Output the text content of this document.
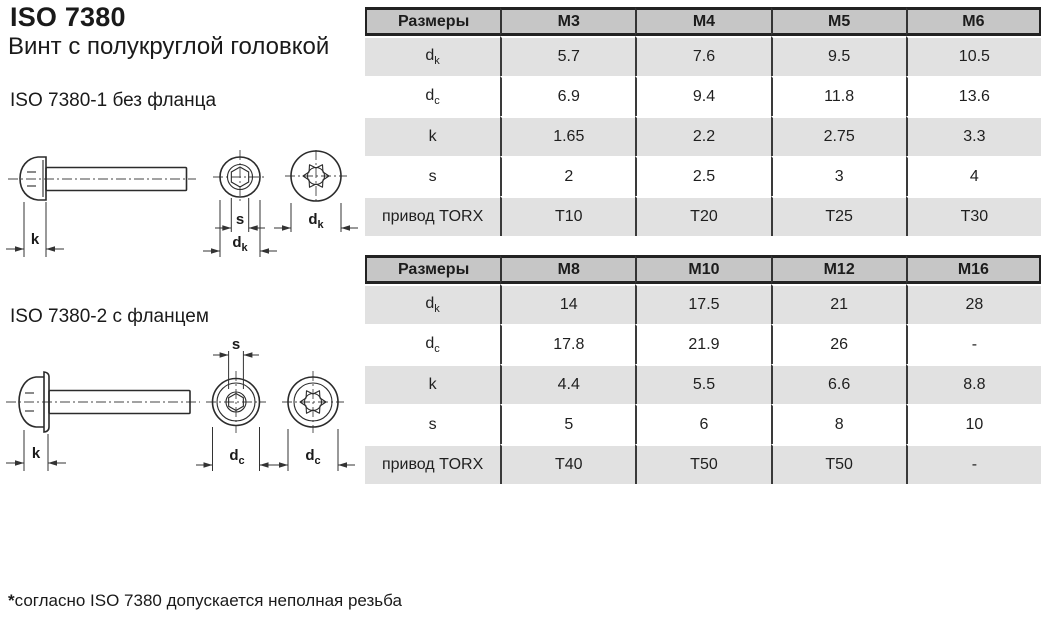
ISO 7380
Винт с полукруглой головкой
ISO 7380-1 без фланца
ISO 7380-2 с фланцем
k
s
$d_k$
$d_k$
k
s
$d_c$	$d_c$
Размеры	M3	M4	M5	M6
$d_k$	5.7	7.6	9.5	10.5
$d_c$	6.9	9.4	11.8	13.6
k	1.65	2.2	2.75	3.3
s	2	2.5	3	4
привод TORX	T10	T20	T25	T30
Размеры	M8	M10	M12	M16
$d_k$	14	17.5	21	28
$d_c$	17.8	21.9	26	-
k	4.4	5.5	6.6	8.8
s	5	6	8	10
привод TORX	T40	T50	T50	-
*согласно ISO 7380 допускается неполная резьба
